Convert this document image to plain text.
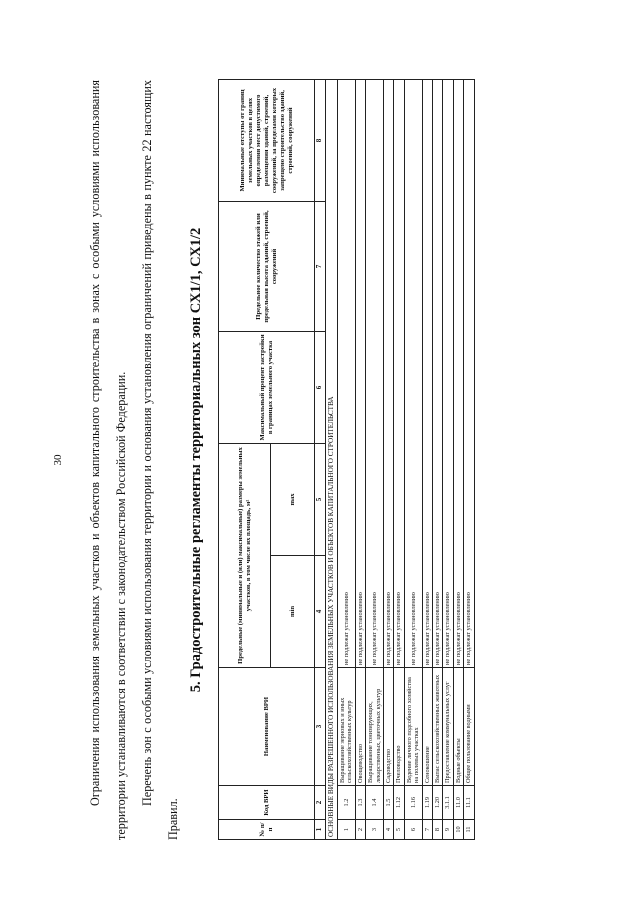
30	Ограничения использования земельных участков и объектов капитального строительства в зонах с особыми условиями использования территории устанавливаются в соответствии с законодательством Российской Федерации. Перечень зон с особыми условиями использования территории и основания установления ограничений приведены в пункте 22 настоящих Правил.

5. Градостроительные регламенты территориальных зон СХ1/1, СХ1/2
№ п/п	Код ВРИ	Наименование ВРИ	Предельные (минимальные и (или) максимальные) размеры земельных участков, в том числе их площадь, м²		Максимальный процент застройки в границах земельного участка	Предельное количество этажей или предельная высота зданий, строений, сооружений	Минимальные отступы от границ земельных участков в целях определения мест допустимого размещения зданий, строений, сооружений, за пределами которых запрещено строительство зданий, строений, сооружений
			min	max			
1	2	3	4	5	6	7	8
ОСНОВНЫЕ ВИДЫ РАЗРЕШЕННОГО ИСПОЛЬЗОВАНИЯ ЗЕМЕЛЬНЫХ УЧАСТКОВ И ОБЪЕКТОВ КАПИТАЛЬНОГО СТРОИТЕЛЬСТВА							
1	1.2	Выращивание зерновых и иных сельскохозяйственных культур	не подлежат установлению				
2	1.3	Овощеводство	не подлежат установлению				
3	1.4	Выращивание тонизирующих, лекарственных, цветочных культур	не подлежат установлению				
4	1.5	Садоводство	не подлежат установлению				
5	1.12	Пчеловодство	не подлежат установлению				
6	1.16	Ведение личного подсобного хозяйства на полевых участках	не подлежат установлению				
7	1.19	Сенокошение	не подлежат установлению				
8	1.20	Выпас сельскохозяйственных животных	не подлежат установлению				
9	3.1.1	Предоставление коммунальных услуг	не подлежат установлению				
10	11.0	Водные объекты	не подлежат установлению				
11	11.1	Общее пользование водными	не подлежат установлению				
